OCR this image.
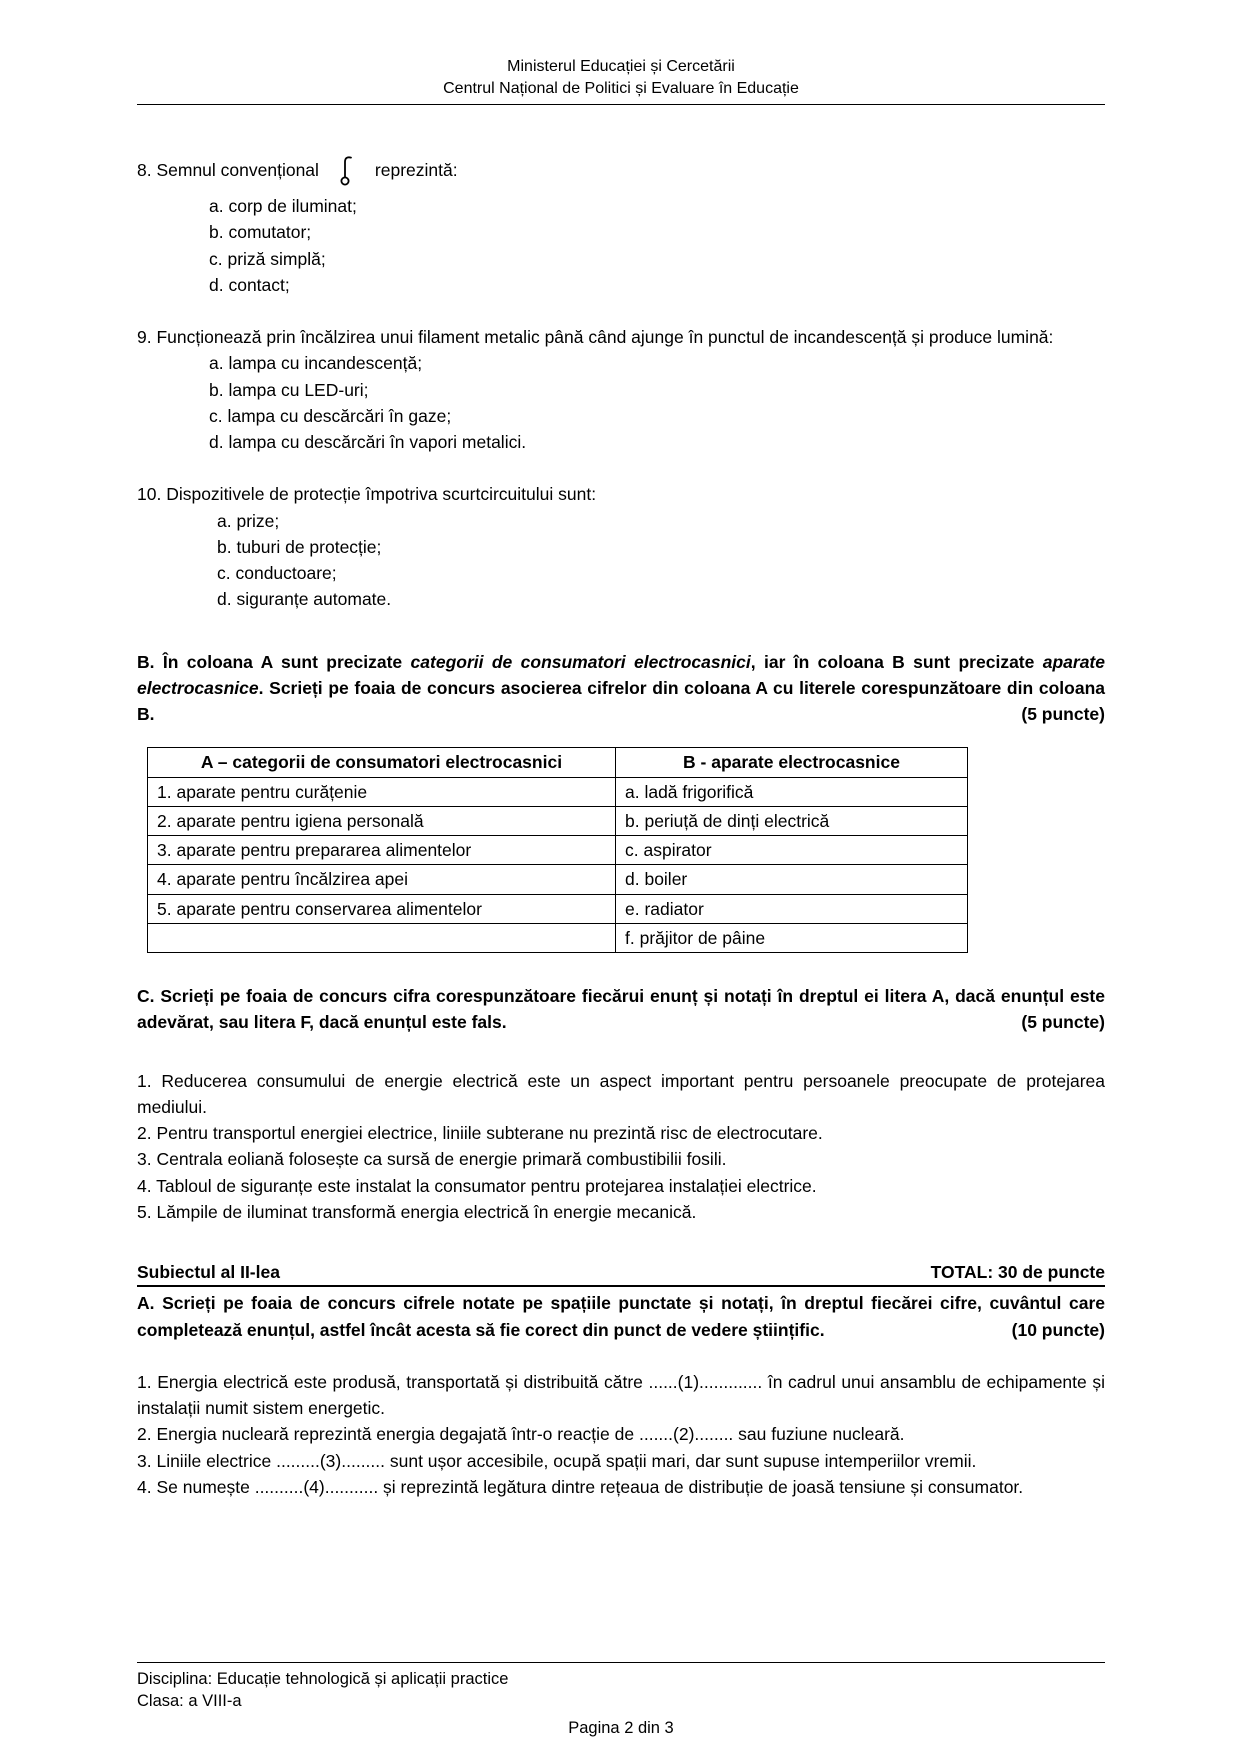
Ministerul Educației și Cercetării
Centrul Național de Politici și Evaluare în Educație
8. Semnul convențional	reprezintă:
a. corp de iluminat;
b. comutator;
c. priză simplă;
d. contact;

9. Funcționează prin încălzirea unui filament metalic până când ajunge în punctul de incandescență și produce lumină:

a. lampa cu incandescență;
b. lampa cu LED-uri;
c. lampa cu descărcări în gaze;
d. lampa cu descărcări în vapori metalici.

10. Dispozitivele de protecție împotriva scurtcircuitului sunt:

a. prize;
b. tuburi de protecție;
c. conductoare;
d. siguranțe automate.

B. În coloana A sunt precizate categorii de consumatori electrocasnici, iar în coloana B sunt precizate aparate electrocasnice. Scrieți pe foaia de concurs asocierea cifrelor din coloana A cu literele corespunzătoare din coloana B.	(5 puncte)

A – categorii de consumatori electrocasnici	B - aparate electrocasnice
1. aparate pentru curățenie	a. ladă frigorifică
2. aparate pentru igiena personală	b. periuță de dinți electrică
3. aparate pentru prepararea alimentelor	c. aspirator
4. aparate pentru încălzirea apei	d. boiler
5. aparate pentru conservarea alimentelor	e. radiator
	f. prăjitor de pâine

C. Scrieți pe foaia de concurs cifra corespunzătoare fiecărui enunț și notați în dreptul ei litera A, dacă enunțul este adevărat, sau litera F, dacă enunțul este fals.	(5 puncte)

1. Reducerea consumului de energie electrică este un aspect important pentru persoanele preocupate de protejarea mediului.

2. Pentru transportul energiei electrice, liniile subterane nu prezintă risc de electrocutare.

3. Centrala eoliană folosește ca sursă de energie primară combustibilii fosili.

4. Tabloul de siguranțe este instalat la consumator pentru protejarea instalației electrice.

5. Lămpile de iluminat transformă energia electrică în energie mecanică.

Subiectul al II-lea	TOTAL: 30 de puncte

A. Scrieți pe foaia de concurs cifrele notate pe spațiile punctate și notați, în dreptul fiecărei cifre, cuvântul care completează enunțul, astfel încât acesta să fie corect din punct de vedere științific.	(10 puncte)

1. Energia electrică este produsă, transportată și distribuită către ......(1)............. în cadrul unui ansamblu de echipamente și instalații numit sistem energetic.

2. Energia nucleară reprezintă energia degajată într-o reacție de .......(2)........ sau fuziune nucleară.

3. Liniile electrice .........(3)......... sunt ușor accesibile, ocupă spații mari, dar sunt supuse intemperiilor vremii.

4. Se numește ..........(4)........... și reprezintă legătura dintre rețeaua de distribuție de joasă tensiune și consumator.

Disciplina: Educație tehnologică și aplicații practice
Clasa: a VIII-a
Pagina 2 din 3
